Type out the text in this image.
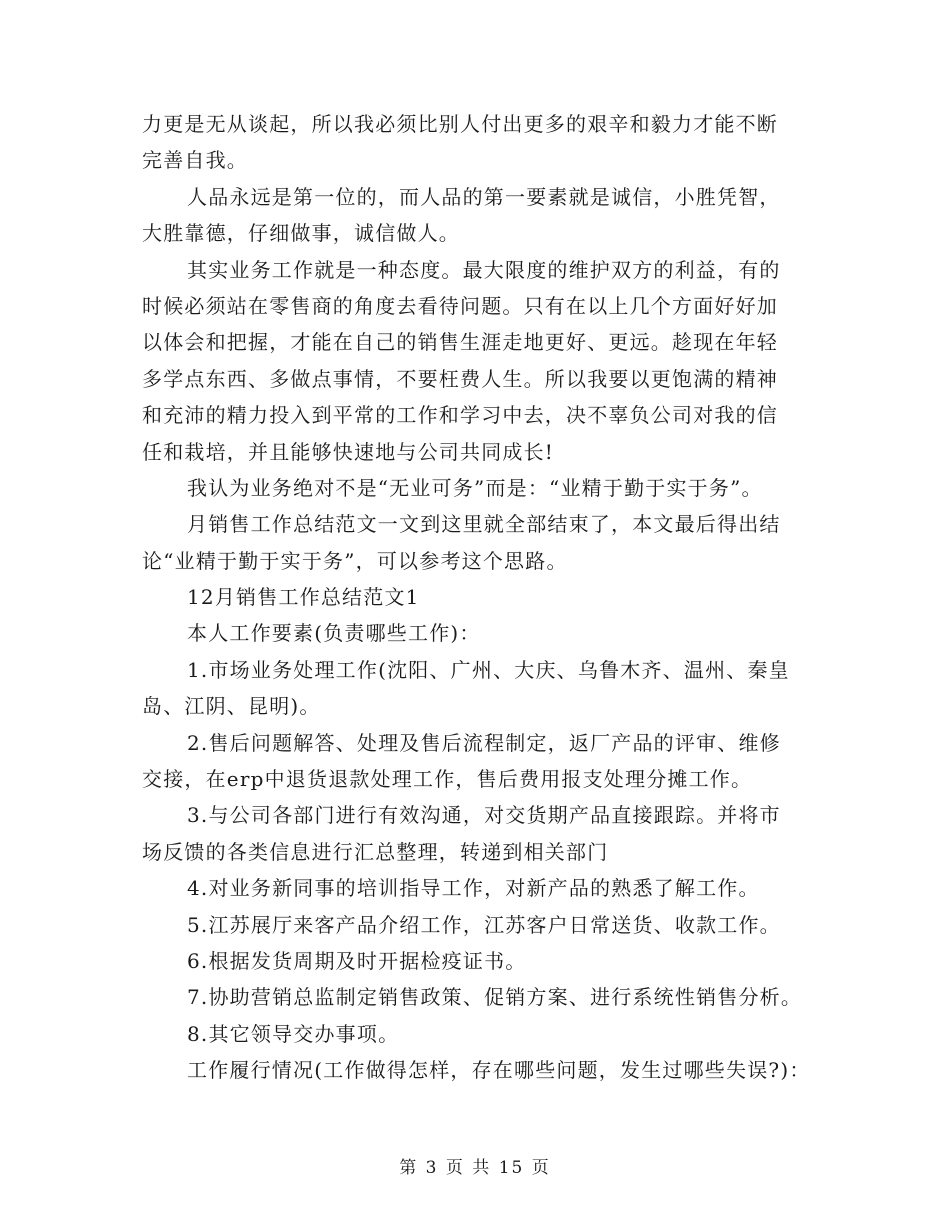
力更是无从谈起，所以我必须比别人付出更多的艰辛和毅力才能不断
完善自我。
人品永远是第一位的，而人品的第一要素就是诚信，小胜凭智，
大胜靠德，仔细做事，诚信做人。
其实业务工作就是一种态度。最大限度的维护双方的利益，有的
时候必须站在零售商的角度去看待问题。只有在以上几个方面好好加
以体会和把握，才能在自己的销售生涯走地更好、更远。趁现在年轻
多学点东西、多做点事情，不要枉费人生。所以我要以更饱满的精神
和充沛的精力投入到平常的工作和学习中去，决不辜负公司对我的信
任和栽培，并且能够快速地与公司共同成长!
我认为业务绝对不是“无业可务”而是：“业精于勤于实于务”。
月销售工作总结范文一文到这里就全部结束了，本文最后得出结
论“业精于勤于实于务”，可以参考这个思路。
12月销售工作总结范文1
本人工作要素(负责哪些工作)：
1.市场业务处理工作(沈阳、广州、大庆、乌鲁木齐、温州、秦皇
岛、江阴、昆明)。
2.售后问题解答、处理及售后流程制定，返厂产品的评审、维修
交接，在erp中退货退款处理工作，售后费用报支处理分摊工作。
3.与公司各部门进行有效沟通，对交货期产品直接跟踪。并将市
场反馈的各类信息进行汇总整理，转递到相关部门
4.对业务新同事的培训指导工作，对新产品的熟悉了解工作。
5.江苏展厅来客产品介绍工作，江苏客户日常送货、收款工作。
6.根据发货周期及时开据检疫证书。
7.协助营销总监制定销售政策、促销方案、进行系统性销售分析。
8.其它领导交办事项。
工作履行情况(工作做得怎样，存在哪些问题，发生过哪些失误?)：
第 3 页 共 15 页
